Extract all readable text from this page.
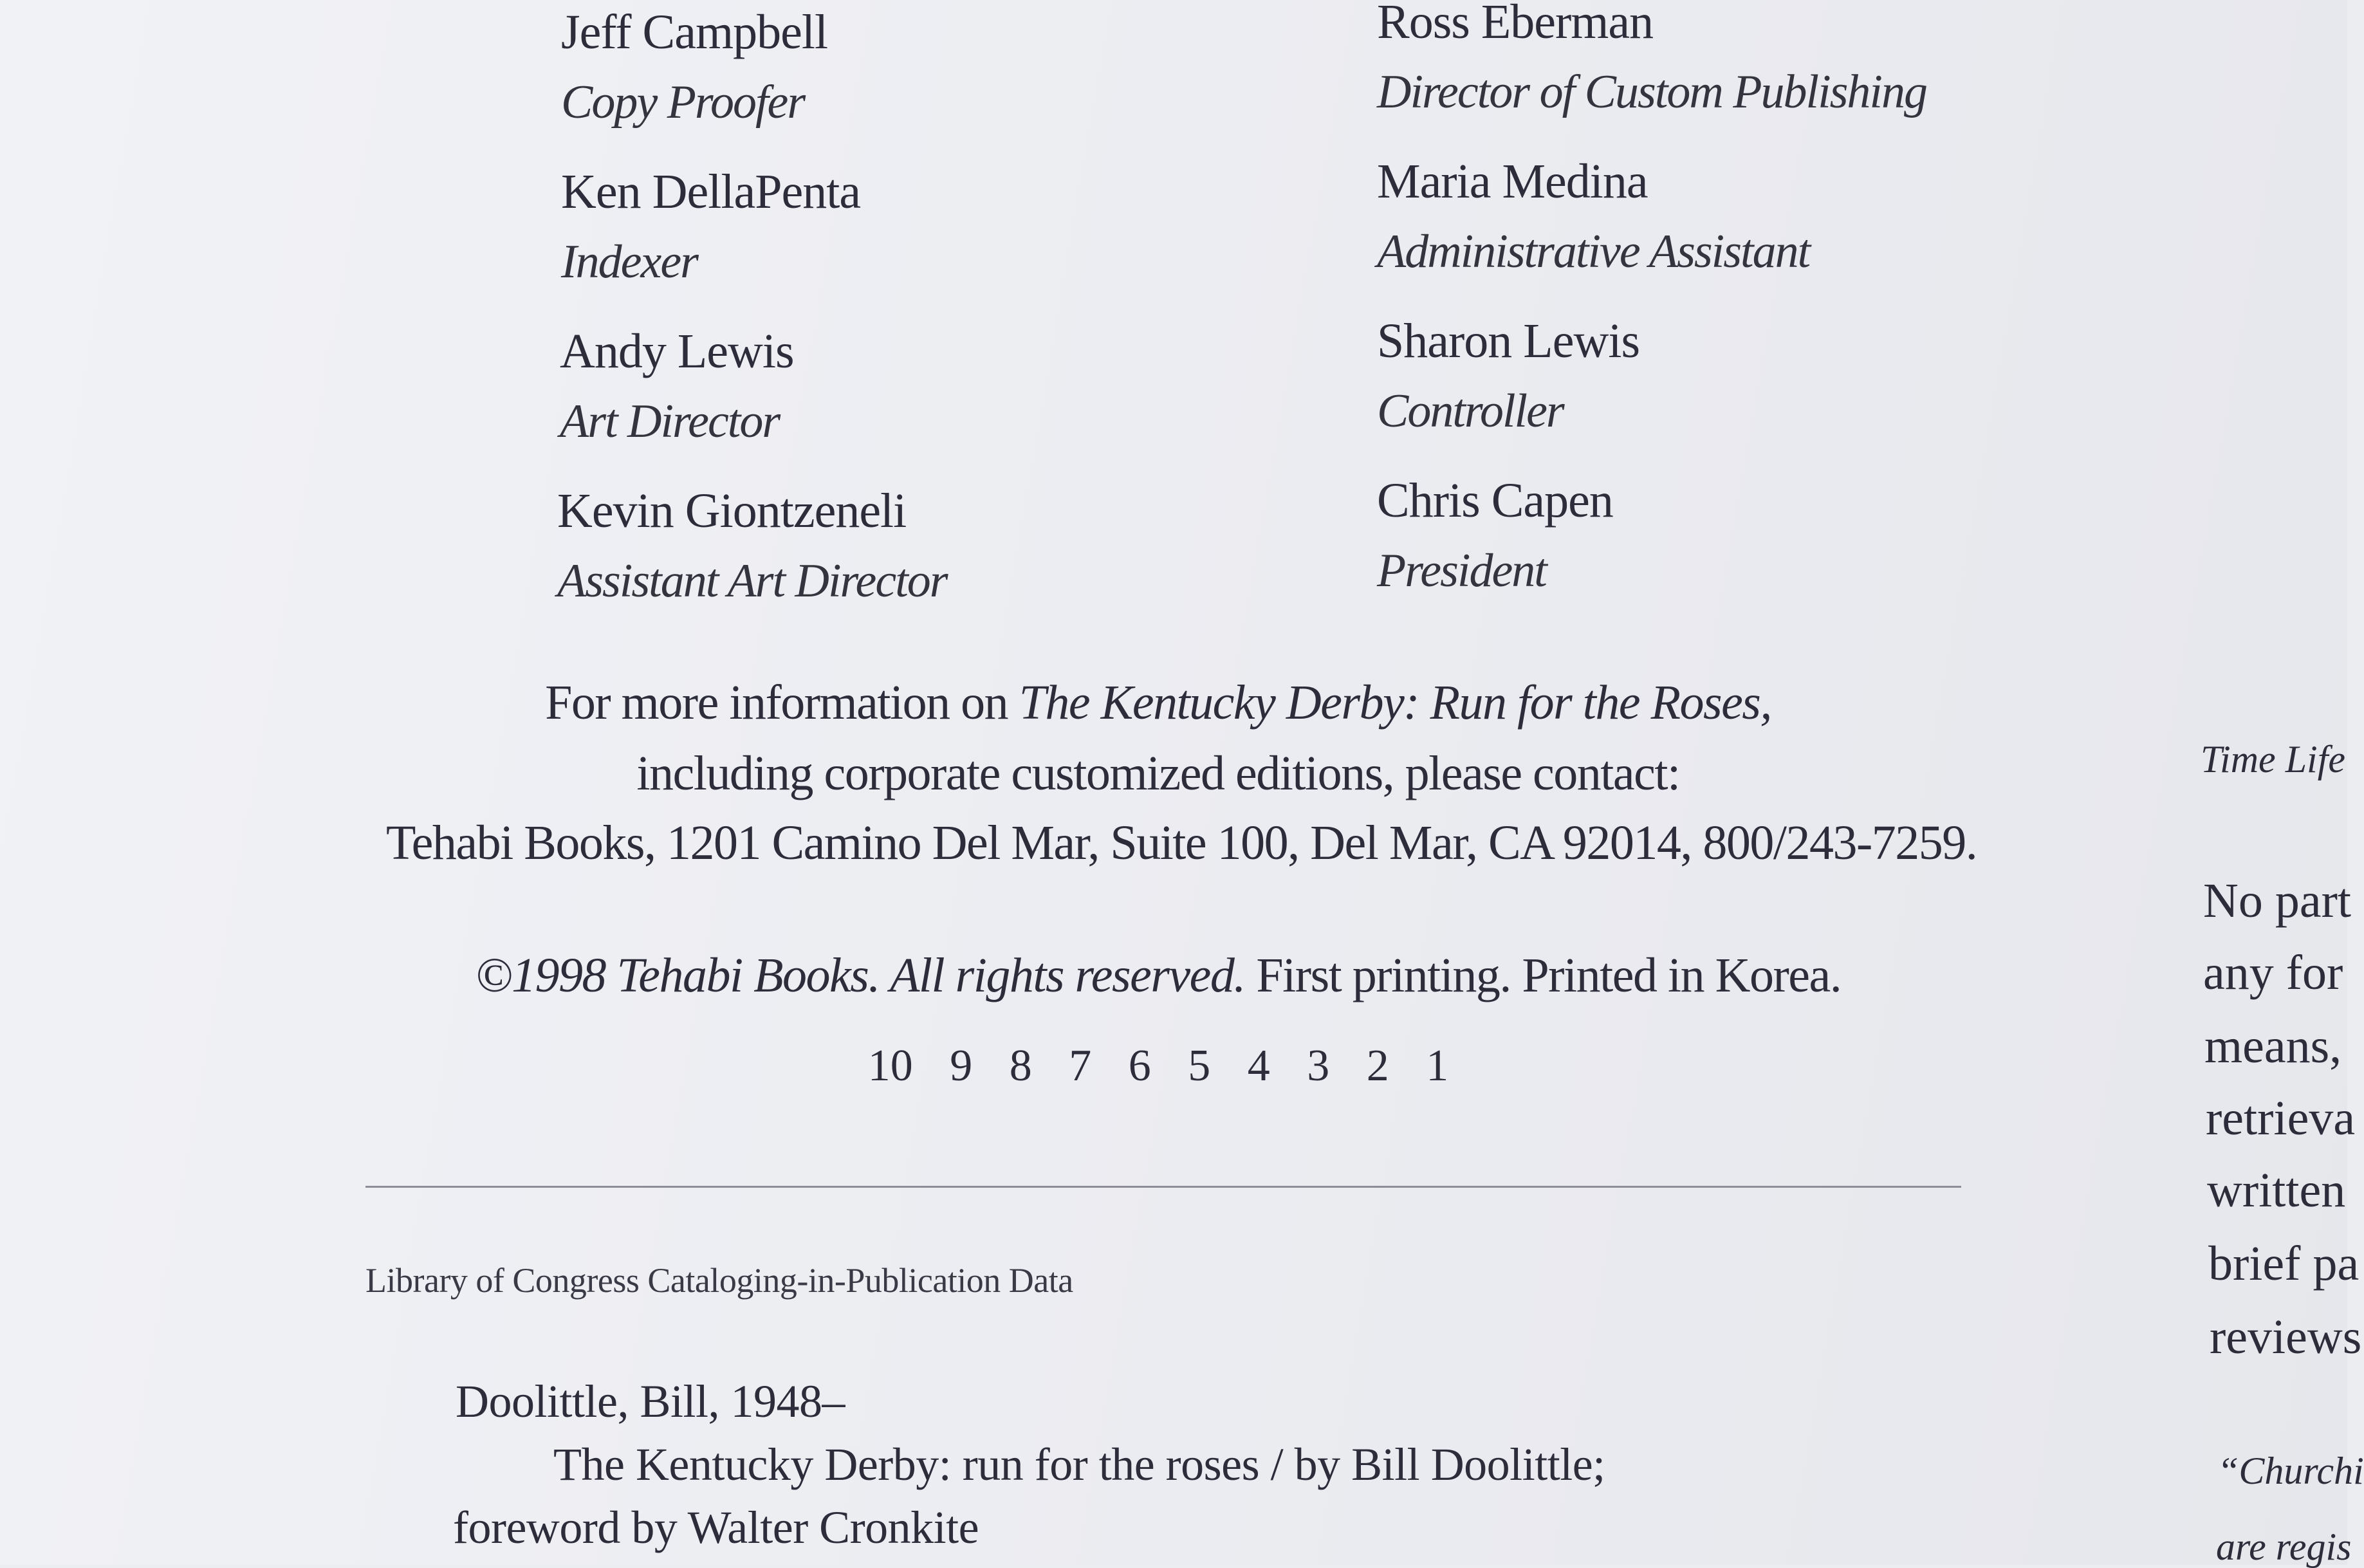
Jeff Campbell
Copy Proofer
Ken DellaPenta
Indexer
Andy Lewis
Art Director
Kevin Giontzeneli
Assistant Art Director
Ross Eberman
Director of Custom Publishing
Maria Medina
Administrative Assistant
Sharon Lewis
Controller
Chris Capen
President
For more information on The Kentucky Derby: Run for the Roses,
including corporate customized editions, please contact:
Tehabi Books, 1201 Camino Del Mar, Suite 100, Del Mar, CA 92014, 800/243-7259.
©1998 Tehabi Books. All rights reserved. First printing. Printed in Korea.
10 9 8 7 6 5 4 3 2 1
Library of Congress Cataloging-in-Publication Data
Doolittle, Bill, 1948–
The Kentucky Derby: run for the roses / by Bill Doolittle;
foreword by Walter Cronkite
Time Life
No part
any for
means,
retrieva
written
brief pa
reviews
“Churchi
are regis
